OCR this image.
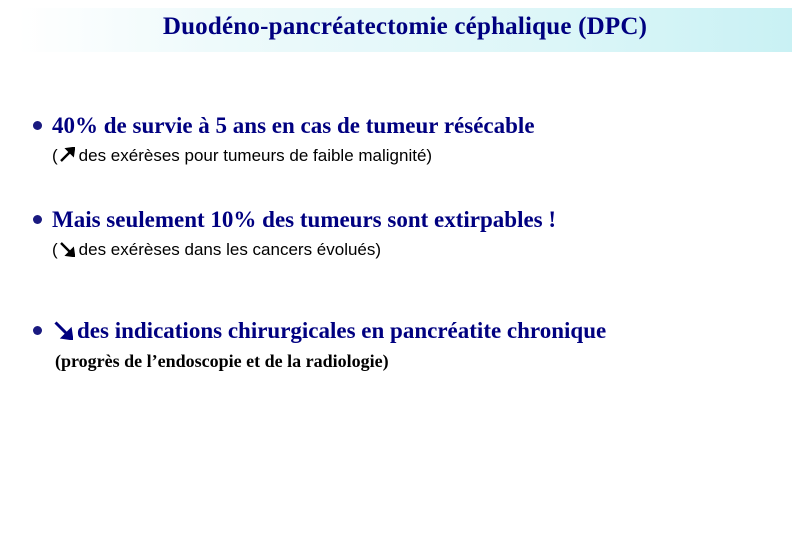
Duodéno-pancréatectomie céphalique (DPC)
40% de survie à 5 ans en cas de tumeur résécable
( des exérèses pour tumeurs de faible malignité)
Mais seulement 10% des tumeurs sont extirpables !
( des exérèses dans les cancers évolués)
des indications chirurgicales en pancréatite chronique
(progrès de l’endoscopie et de la radiologie)
